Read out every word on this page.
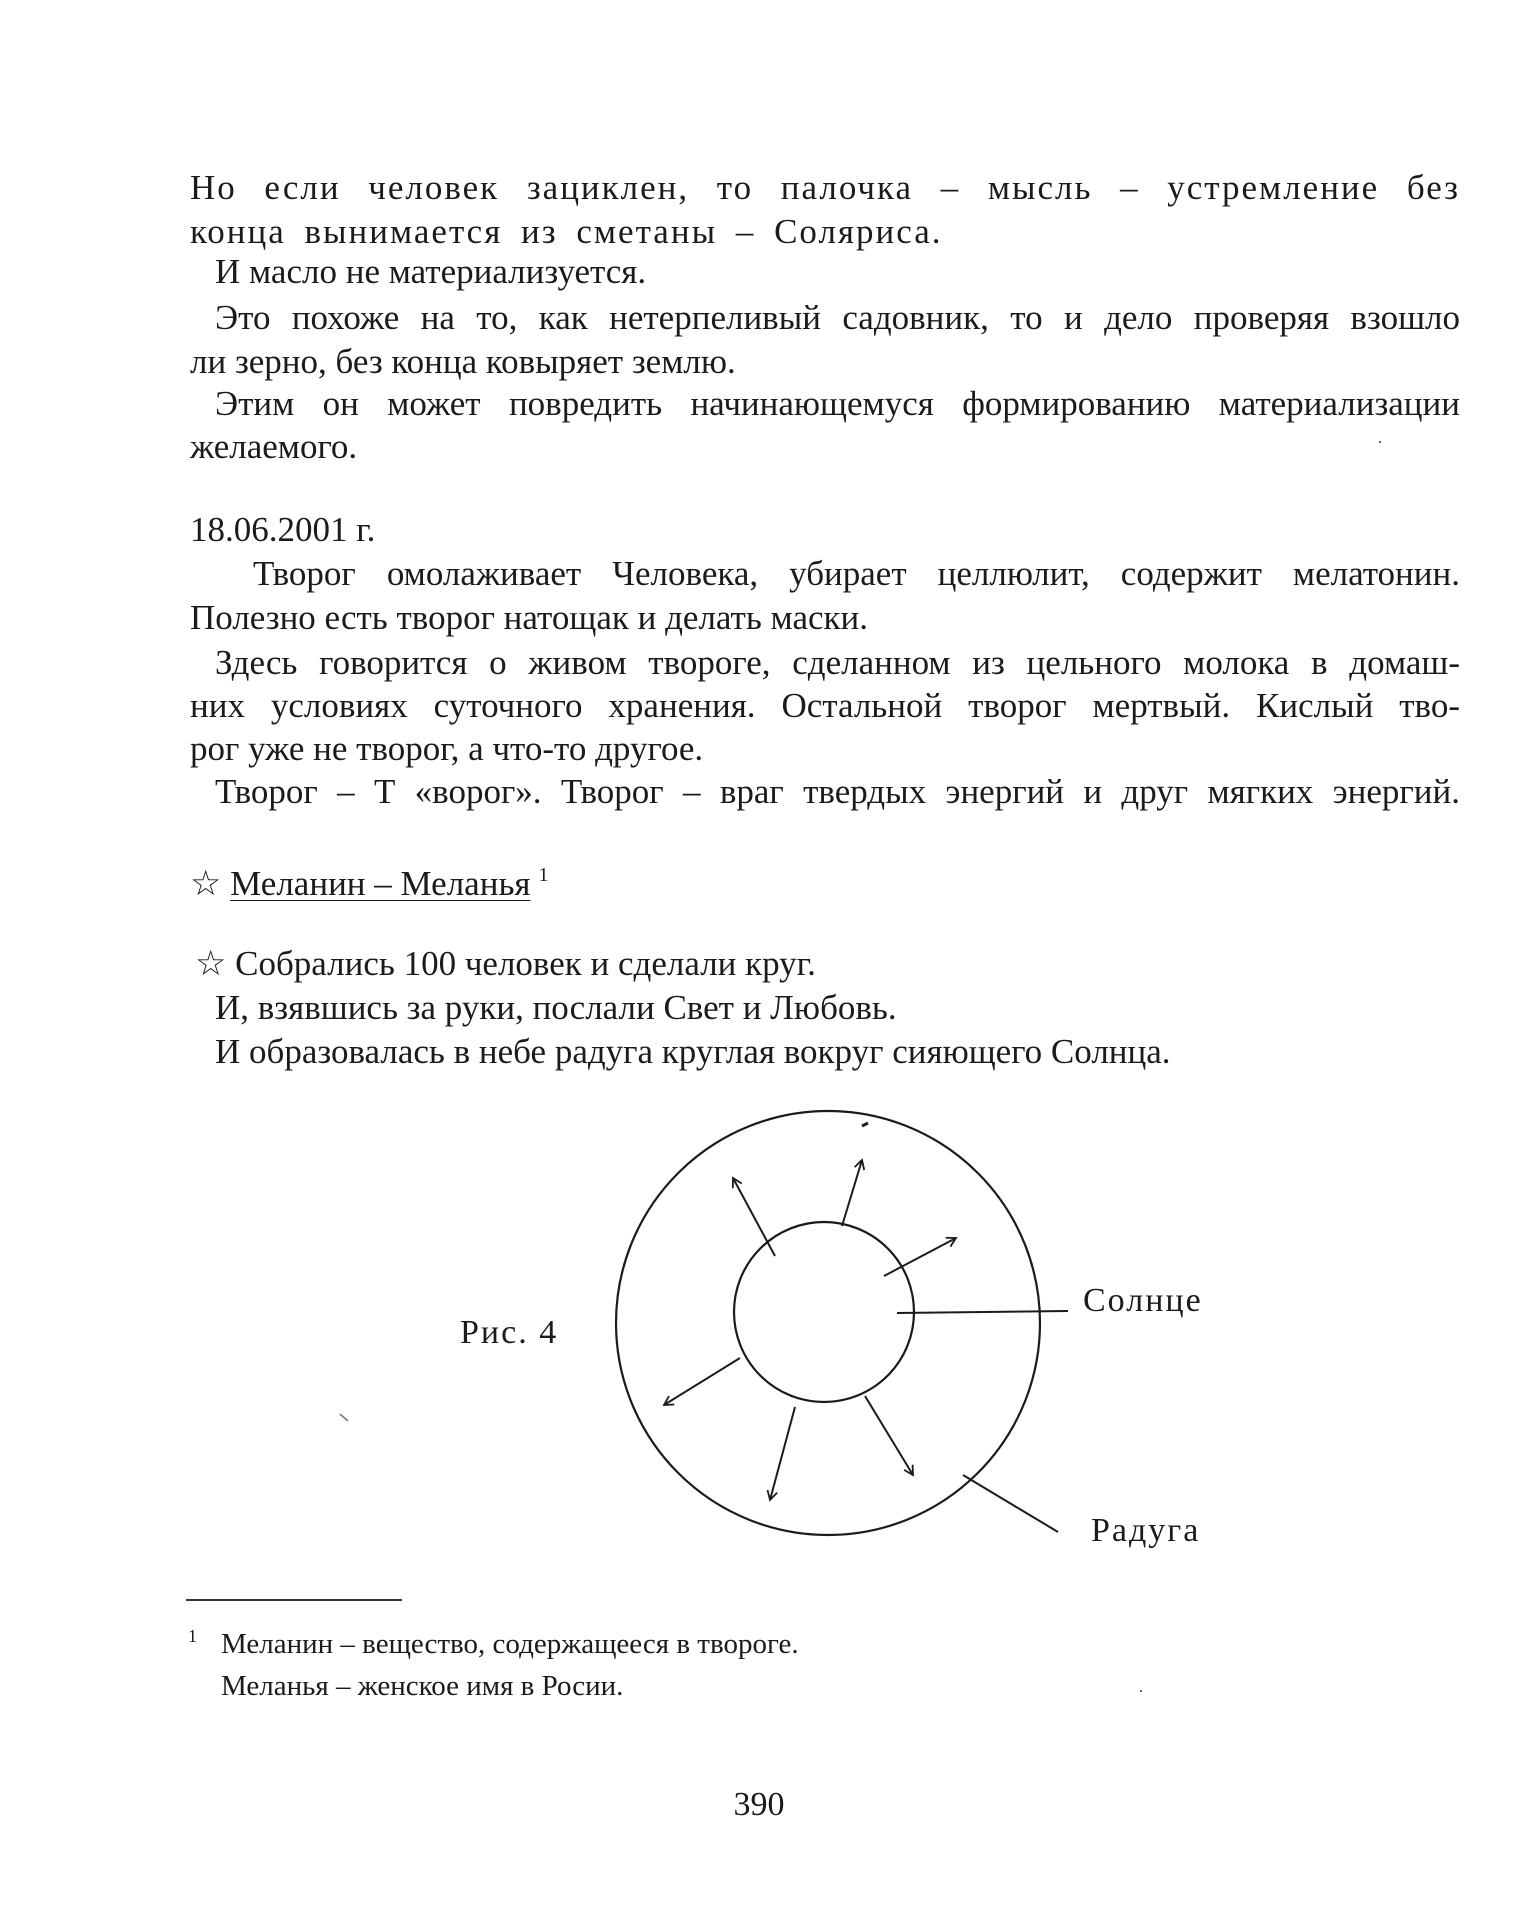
Но если человек зациклен, то палочка – мысль – устремление без
конца вынимается из сметаны – Соляриса.
И масло не материализуется.
Это похоже на то, как нетерпеливый садовник, то и дело проверяя взошло
ли зерно, без конца ковыряет землю.
Этим он может повредить начинающемуся формированию материализации
желаемого.
18.06.2001 г.
Творог омолаживает Человека, убирает целлюлит, содержит мелатонин.
Полезно есть творог натощак и делать маски.
Здесь говорится о живом твороге, сделанном из цельного молока в домаш-
них условиях суточного хранения. Остальной творог мертвый. Кислый тво-
рог уже не творог, а что-то другое.
Творог – Т «ворог». Творог – враг твердых энергий и друг мягких энергий.
☆ Меланин – Меланья $^1$
☆ Собрались 100 человек и сделали круг.
И, взявшись за руки, послали Свет и Любовь.
И образовалась в небе радуга круглая вокруг сияющего Солнца.
Рис. 4
Солнце
Радуга
1 Меланин – вещество, содержащееся в твороге.
Меланья – женское имя в Росии.
390
